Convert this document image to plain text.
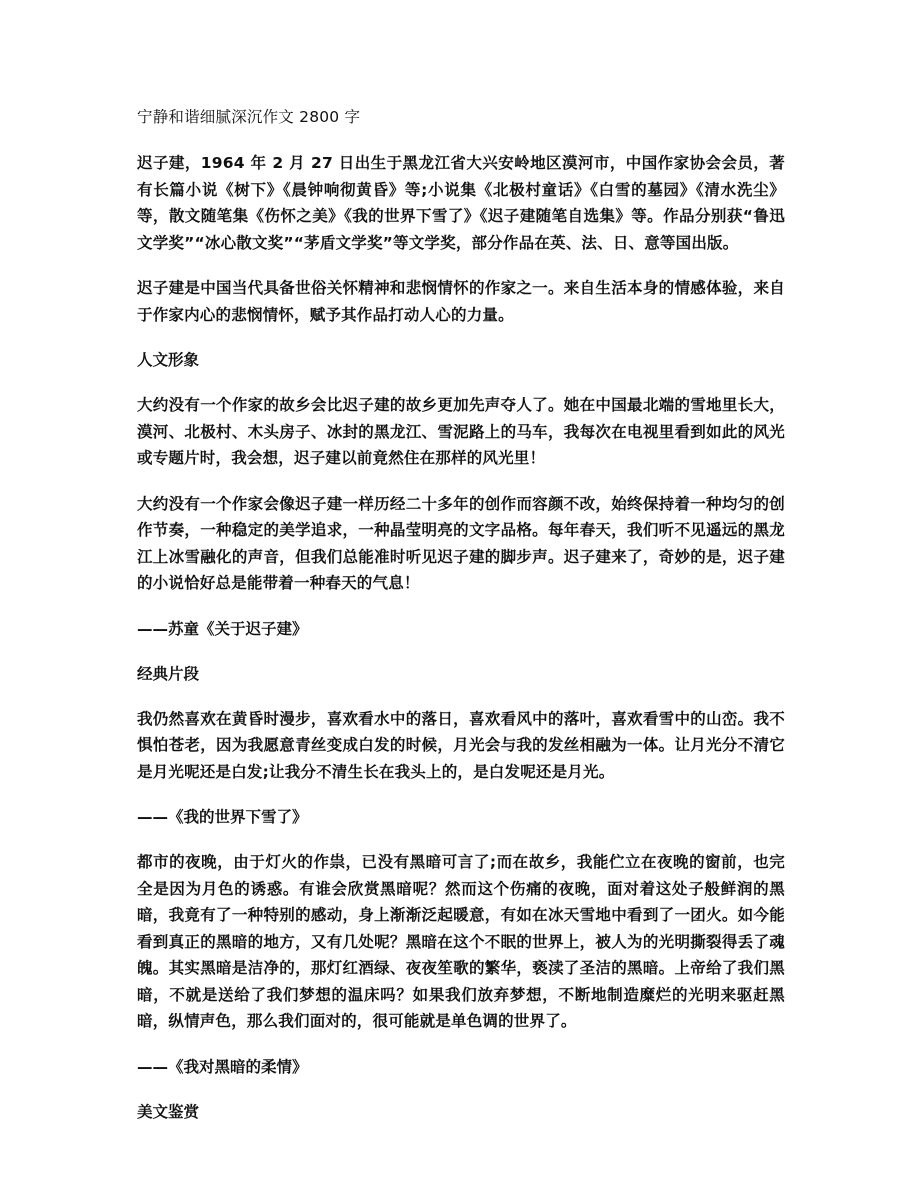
宁静和谐细腻深沉作文 2800 字

迟子建，1964 年 2 月 27 日出生于黑龙江省大兴安岭地区漠河市，中国作家协会会员，著有长篇小说《树下》《晨钟响彻黄昏》等;小说集《北极村童话》《白雪的墓园》《清水洗尘》等，散文随笔集《伤怀之美》《我的世界下雪了》《迟子建随笔自选集》等。作品分别获“鲁迅文学奖”“冰心散文奖”“茅盾文学奖”等文学奖，部分作品在英、法、日、意等国出版。

迟子建是中国当代具备世俗关怀精神和悲悯情怀的作家之一。来自生活本身的情感体验，来自于作家内心的悲悯情怀，赋予其作品打动人心的力量。

人文形象

大约没有一个作家的故乡会比迟子建的故乡更加先声夺人了。她在中国最北端的雪地里长大，漠河、北极村、木头房子、冰封的黑龙江、雪泥路上的马车，我每次在电视里看到如此的风光或专题片时，我会想，迟子建以前竟然住在那样的风光里！

大约没有一个作家会像迟子建一样历经二十多年的创作而容颜不改，始终保持着一种均匀的创作节奏，一种稳定的美学追求，一种晶莹明亮的文字品格。每年春天，我们听不见遥远的黑龙江上冰雪融化的声音，但我们总能准时听见迟子建的脚步声。迟子建来了，奇妙的是，迟子建的小说恰好总是能带着一种春天的气息！

——苏童《关于迟子建》
经典片段

我仍然喜欢在黄昏时漫步，喜欢看水中的落日，喜欢看风中的落叶，喜欢看雪中的山峦。我不惧怕苍老，因为我愿意青丝变成白发的时候，月光会与我的发丝相融为一体。让月光分不清它是月光呢还是白发;让我分不清生长在我头上的，是白发呢还是月光。

——《我的世界下雪了》

都市的夜晚，由于灯火的作祟，已没有黑暗可言了;而在故乡，我能伫立在夜晚的窗前，也完全是因为月色的诱惑。有谁会欣赏黑暗呢？然而这个伤痛的夜晚，面对着这处子般鲜润的黑暗，我竟有了一种特别的感动，身上渐渐泛起暖意，有如在冰天雪地中看到了一团火。如今能看到真正的黑暗的地方，又有几处呢？黑暗在这个不眠的世界上，被人为的光明撕裂得丢了魂魄。其实黑暗是洁净的，那灯红酒绿、夜夜笙歌的繁华，亵渎了圣洁的黑暗。上帝给了我们黑暗，不就是送给了我们梦想的温床吗？如果我们放弃梦想，不断地制造糜烂的光明来驱赶黑暗，纵情声色，那么我们面对的，很可能就是单色调的世界了。

——《我对黑暗的柔情》
美文鉴赏
